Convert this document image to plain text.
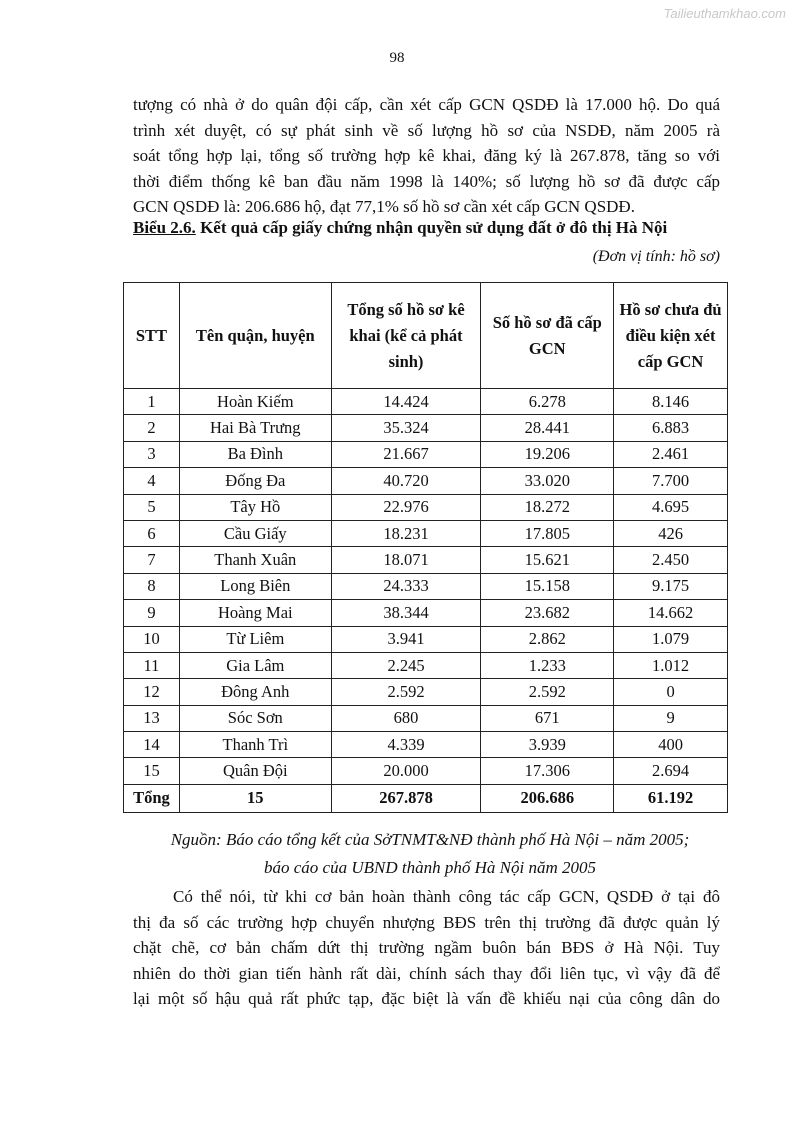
Tailieuthamkhao.com
98
tượng có nhà ở do quân đội cấp, cần xét cấp GCN QSDĐ là 17.000 hộ. Do quá
trình xét duyệt, có sự phát sinh về số lượng hồ sơ của NSDĐ, năm 2005 rà
soát tổng hợp lại, tổng số trường hợp kê khai, đăng ký là 267.878, tăng so với
thời điểm thống kê ban đầu năm 1998 là 140%; số lượng hồ sơ đã được cấp
GCN QSDĐ là: 206.686 hộ, đạt 77,1% số hồ sơ cần xét cấp GCN QSDĐ.
Biểu 2.6. Kết quả cấp giấy chứng nhận quyền sử dụng đất ở đô thị Hà Nội
(Đơn vị tính: hồ sơ)
STT	Tên quận, huyện	Tổng số hồ sơ kê khai (kể cả phát sinh)	Số hồ sơ đã cấp GCN	Hồ sơ chưa đủ điều kiện xét cấp GCN
1	Hoàn Kiếm	14.424	6.278	8.146
2	Hai Bà Trưng	35.324	28.441	6.883
3	Ba Đình	21.667	19.206	2.461
4	Đống Đa	40.720	33.020	7.700
5	Tây Hồ	22.976	18.272	4.695
6	Cầu Giấy	18.231	17.805	426
7	Thanh Xuân	18.071	15.621	2.450
8	Long Biên	24.333	15.158	9.175
9	Hoàng Mai	38.344	23.682	14.662
10	Từ Liêm	3.941	2.862	1.079
11	Gia Lâm	2.245	1.233	1.012
12	Đông Anh	2.592	2.592	0
13	Sóc Sơn	680	671	9
14	Thanh Trì	4.339	3.939	400
15	Quân Đội	20.000	17.306	2.694
Tổng	15	267.878	206.686	61.192
Nguồn: Báo cáo tổng kết của SởTNMT&NĐ thành phố Hà Nội – năm 2005;
báo cáo của UBND thành phố Hà Nội năm 2005
Có thể nói, từ khi cơ bản hoàn thành công tác cấp GCN, QSDĐ ở tại đô
thị đa số các trường hợp chuyển nhượng BĐS trên thị trường đã được quản lý
chặt chẽ, cơ bản chấm dứt thị trường ngầm buôn bán BĐS ở Hà Nội. Tuy
nhiên do thời gian tiến hành rất dài, chính sách thay đổi liên tục, vì vậy đã để
lại một số hậu quả rất phức tạp, đặc biệt là vấn đề khiếu nại của công dân do
